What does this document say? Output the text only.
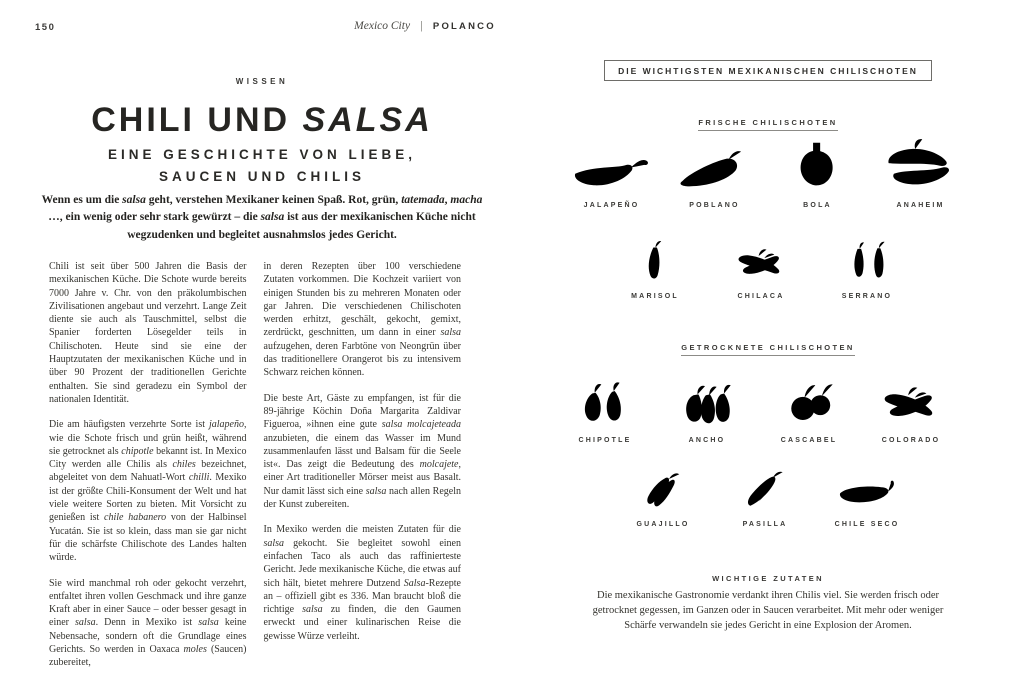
150	Mexico City | POLANCO
WISSEN
CHILI UND SALSA
EINE GESCHICHTE VON LIEBE,
SAUCEN UND CHILIS
Wenn es um die salsa geht, verstehen Mexikaner keinen Spaß. Rot, grün, tatemada, macha …, ein wenig oder sehr stark gewürzt – die salsa ist aus der mexikanischen Küche nicht wegzudenken und begleitet ausnahmslos jedes Gericht.

Chili ist seit über 500 Jahren die Basis der mexikanischen Küche. Die Schote wurde bereits 7000 Jahre v. Chr. von den präkolumbischen Zivilisationen angebaut und verzehrt. Lange Zeit diente sie auch als Tauschmittel, selbst die Spanier forderten Lösegelder teils in Chilischoten. Heute sind sie eine der Hauptzutaten der mexikanischen Küche und in über 90 Prozent der traditionellen Gerichte enthalten. Sie sind geradezu ein Symbol der nationalen Identität.

Die am häufigsten verzehrte Sorte ist jalapeño, wie die Schote frisch und grün heißt, während sie getrocknet als chipotle bekannt ist. In Mexico City werden alle Chilis als chiles bezeichnet, abgeleitet von dem Nahuatl-Wort chilli. Mexiko ist der größte Chili-Konsument der Welt und hat viele weitere Sorten zu bieten. Mit Vorsicht zu genießen ist chile habanero von der Halbinsel Yucatán. Sie ist so klein, dass man sie gar nicht für die schärfste Chilischote des Landes halten würde.

Sie wird manchmal roh oder gekocht verzehrt, entfaltet ihren vollen Geschmack und ihre ganze Kraft aber in einer Sauce – oder besser gesagt in einer salsa. Denn in Mexiko ist salsa keine Nebensache, sondern oft die Grundlage eines Gerichts. So werden in Oaxaca moles (Saucen) zubereitet,

in deren Rezepten über 100 verschiedene Zutaten vorkommen. Die Kochzeit variiert von einigen Stunden bis zu mehreren Monaten oder gar Jahren. Die verschiedenen Chilischoten werden erhitzt, geschält, gekocht, gemixt, zerdrückt, geschnitten, um dann in einer salsa aufzugehen, deren Farbtöne von Neongrün über das traditionellere Orangerot bis zu intensivem Schwarz reichen können.

Die beste Art, Gäste zu empfangen, ist für die 89-jährige Köchin Doña Margarita Zaldivar Figueroa, »ihnen eine gute salsa molcajeteada anzubieten, die einem das Wasser im Mund zusammenlaufen lässt und Balsam für die Seele ist«. Das zeigt die Bedeutung des molcajete, einer Art traditioneller Mörser meist aus Basalt. Nur damit lässt sich eine salsa nach allen Regeln der Kunst zubereiten.

In Mexiko werden die meisten Zutaten für die salsa gekocht. Sie begleitet sowohl einen einfachen Taco als auch das raffinierteste Gericht. Jede mexikanische Küche, die etwas auf sich hält, bietet mehrere Dutzend Salsa-Rezepte an – offiziell gibt es 336. Man braucht bloß die richtige salsa zu finden, die den Gaumen erweckt und einer kulinarischen Reise die gewisse Würze verleiht.

DIE WICHTIGSTEN MEXIKANISCHEN CHILISCHOTEN
FRISCHE CHILISCHOTEN
JALAPEÑO	POBLANO	BOLA	ANAHEIM
MARISOL	CHILACA	SERRANO
GETROCKNETE CHILISCHOTEN
CHIPOTLE	ANCHO	CASCABEL	COLORADO
GUAJILLO	PASILLA	CHILE SECO
WICHTIGE ZUTATEN
Die mexikanische Gastronomie verdankt ihren Chilis viel. Sie werden frisch oder getrocknet gegessen, im Ganzen oder in Saucen verarbeitet. Mit mehr oder weniger Schärfe verwandeln sie jedes Gericht in eine Explosion der Aromen.
